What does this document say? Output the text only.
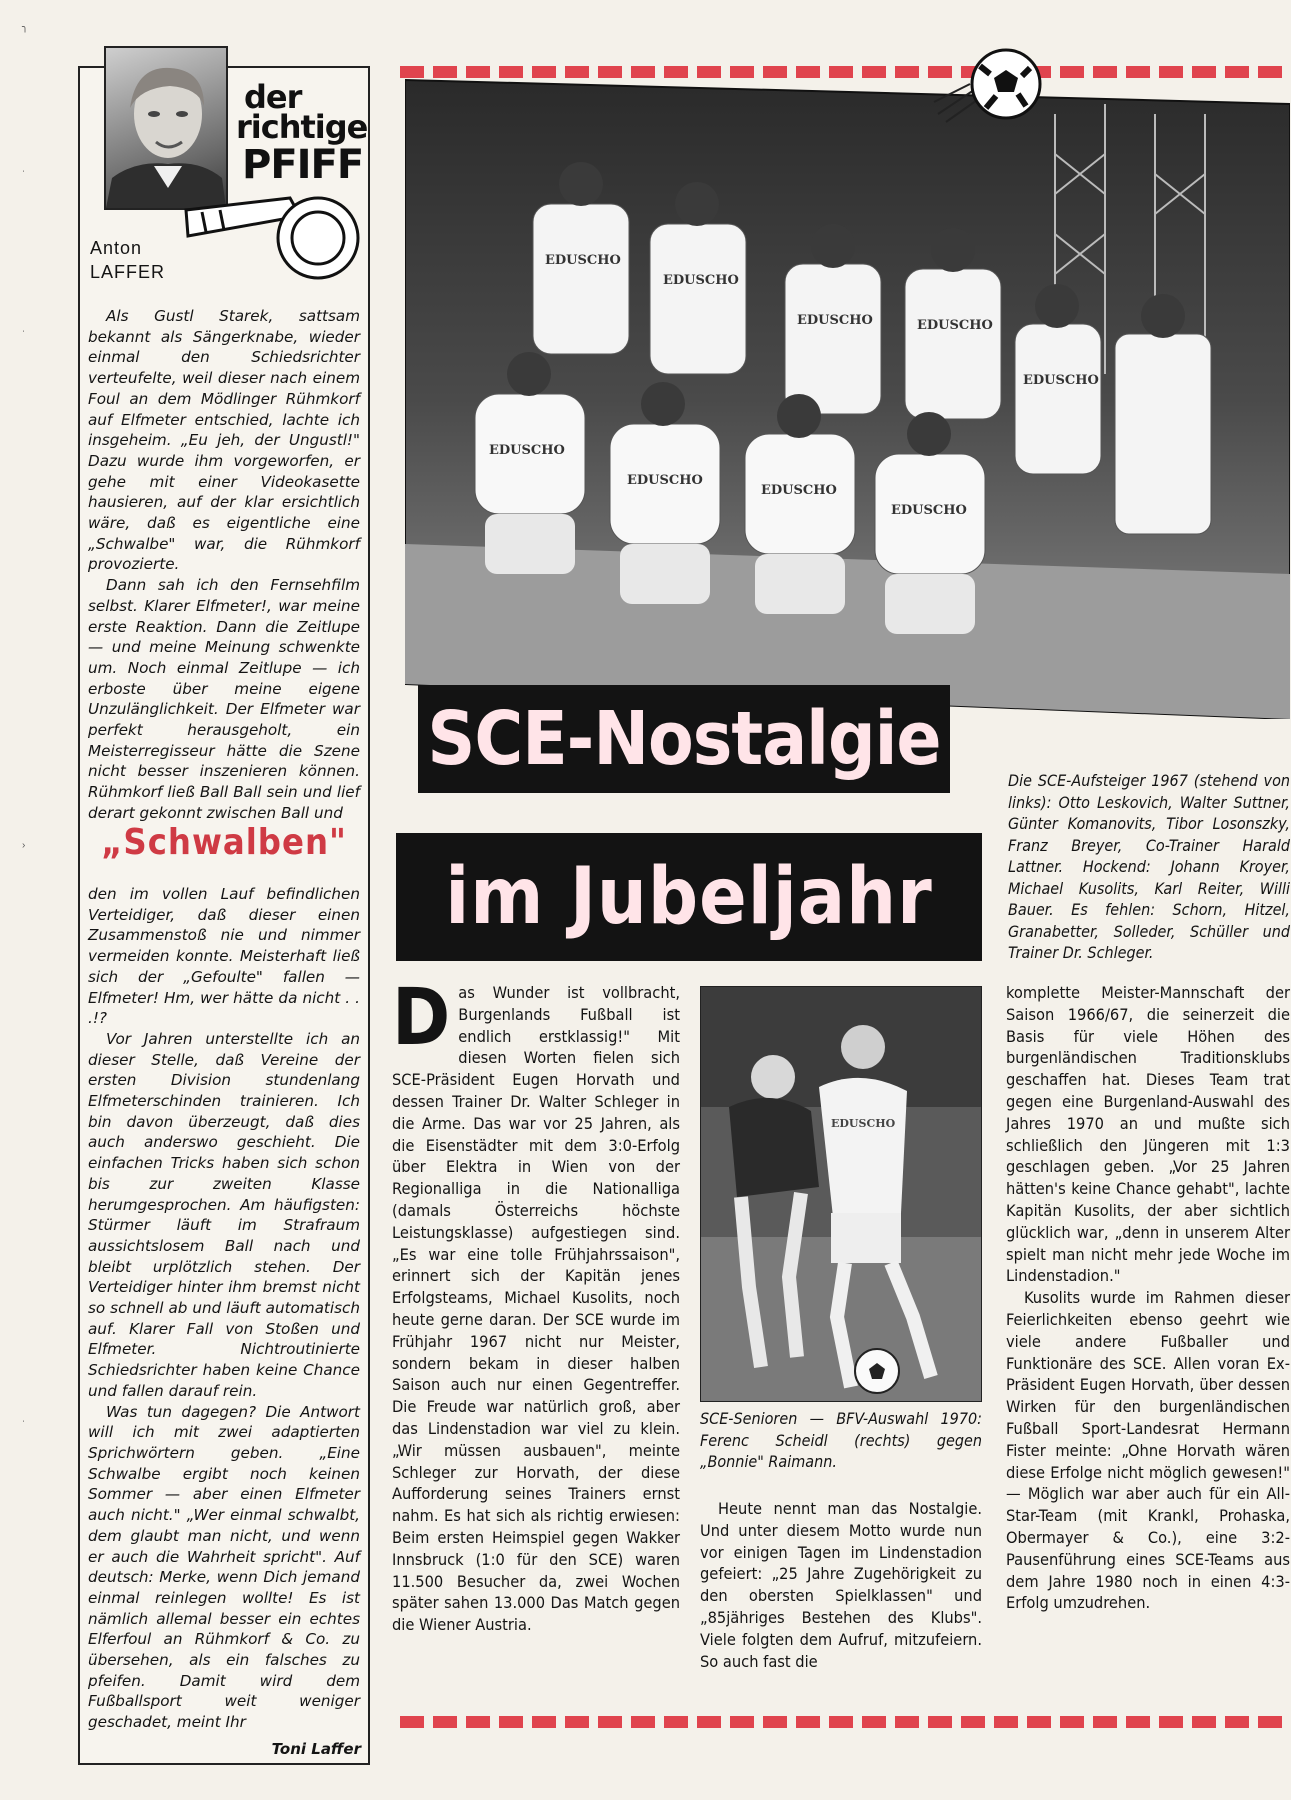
╮
ˈ
ˈ
›
ˈ
der
richtige
PFIFF
Anton
LAFFER

Als Gustl Starek, sattsam bekannt als Sängerknabe, wieder einmal den Schiedsrichter verteufelte, weil dieser nach einem Foul an dem Mödlinger Rühmkorf auf Elfmeter entschied, lachte ich insgeheim. „Eu jeh, der Ungustl!" Dazu wurde ihm vorgeworfen, er gehe mit einer Videokasette hausieren, auf der klar ersichtlich wäre, daß es eigentliche eine „Schwalbe" war, die Rühmkorf provozierte.

Dann sah ich den Fernsehfilm selbst. Klarer Elfmeter!, war meine erste Reaktion. Dann die Zeitlupe — und meine Meinung schwenkte um. Noch einmal Zeitlupe — ich erboste über meine eigene Unzulänglichkeit. Der Elfmeter war perfekt herausgeholt, ein Meisterregisseur hätte die Szene nicht besser inszenieren können. Rühmkorf ließ Ball Ball sein und lief derart gekonnt zwischen Ball und

„Schwalben"

den im vollen Lauf befindlichen Verteidiger, daß dieser einen Zusammenstoß nie und nimmer vermeiden konnte. Meisterhaft ließ sich der „Gefoulte" fallen — Elfmeter! Hm, wer hätte da nicht . . .!?

Vor Jahren unterstellte ich an dieser Stelle, daß Vereine der ersten Division stundenlang Elfmeterschinden trainieren. Ich bin davon überzeugt, daß dies auch anderswo geschieht. Die einfachen Tricks haben sich schon bis zur zweiten Klasse herumgesprochen. Am häufigsten: Stürmer läuft im Strafraum aussichtslosem Ball nach und bleibt urplötzlich stehen. Der Verteidiger hinter ihm bremst nicht so schnell ab und läuft automatisch auf. Klarer Fall von Stoßen und Elfmeter. Nichtroutinierte Schiedsrichter haben keine Chance und fallen darauf rein.

Was tun dagegen? Die Antwort will ich mit zwei adaptierten Sprichwörtern geben. „Eine Schwalbe ergibt noch keinen Sommer — aber einen Elfmeter auch nicht." „Wer einmal schwalbt, dem glaubt man nicht, und wenn er auch die Wahrheit spricht". Auf deutsch: Merke, wenn Dich jemand einmal reinlegen wollte! Es ist nämlich allemal besser ein echtes Elferfoul an Rühmkorf & Co. zu übersehen, als ein falsches zu pfeifen. Damit wird dem Fußballsport weit weniger geschadet, meint Ihr

Toni Laffer
EDUSCHO
EDUSCHO
EDUSCHO	EDUSCHO
EDUSCHO
EDUSCHO
EDUSCHO
EDUSCHO
EDUSCHO
SCE-Nostalgie
im Jubeljahr
Die SCE-Aufsteiger 1967 (stehend von links): Otto Leskovich, Walter Suttner, Günter Komanovits, Tibor Losonszky, Franz Breyer, Co-Trainer Harald Lattner. Hockend: Johann Kroyer, Michael Kusolits, Karl Reiter, Willi Bauer. Es fehlen: Schorn, Hitzel, Granabetter, Solleder, Schüller und Trainer Dr. Schleger.
Das Wunder ist vollbracht, Burgenlands Fußball ist endlich erstklassig!" Mit diesen Worten fielen sich SCE-Präsident Eugen Horvath und dessen Trainer Dr. Walter Schleger in die Arme. Das war vor 25 Jahren, als die Eisenstädter mit dem 3:0-Erfolg über Elektra in Wien von der Regionalliga in die Nationalliga (damals Österreichs höchste Leistungsklasse) aufgestiegen sind. „Es war eine tolle Frühjahrssaison", erinnert sich der Kapitän jenes Erfolgsteams, Michael Kusolits, noch heute gerne daran. Der SCE wurde im Frühjahr 1967 nicht nur Meister, sondern bekam in dieser halben Saison auch nur einen Gegentreffer. Die Freude war natürlich groß, aber das Lindenstadion war viel zu klein. „Wir müssen ausbauen", meinte Schleger zur Horvath, der diese Aufforderung seines Trainers ernst nahm. Es hat sich als richtig erwiesen: Beim ersten Heimspiel gegen Wakker Innsbruck (1:0 für den SCE) waren 11.500 Besucher da, zwei Wochen später sahen 13.000 Das Match gegen die Wiener Austria.
EDUSCHO
SCE-Senioren — BFV-Auswahl 1970: Ferenc Scheidl (rechts) gegen „Bonnie" Raimann.

Heute nennt man das Nostalgie. Und unter diesem Motto wurde nun vor einigen Tagen im Lindenstadion gefeiert: „25 Jahre Zugehörigkeit zu den obersten Spielklassen" und „85jähriges Bestehen des Klubs". Viele folgten dem Aufruf, mitzufeiern. So auch fast die

komplette Meister-Mannschaft der Saison 1966/67, die seinerzeit die Basis für viele Höhen des burgenländischen Traditionsklubs geschaffen hat. Dieses Team trat gegen eine Burgenland-Auswahl des Jahres 1970 an und mußte sich schließlich den Jüngeren mit 1:3 geschlagen geben. „Vor 25 Jahren hätten's keine Chance gehabt", lachte Kapitän Kusolits, der aber sichtlich glücklich war, „denn in unserem Alter spielt man nicht mehr jede Woche im Lindenstadion."

Kusolits wurde im Rahmen dieser Feierlichkeiten ebenso geehrt wie viele andere Fußballer und Funktionäre des SCE. Allen voran Ex-Präsident Eugen Horvath, über dessen Wirken für den burgenländischen Fußball Sport-Landesrat Hermann Fister meinte: „Ohne Horvath wären diese Erfolge nicht möglich gewesen!" — Möglich war aber auch für ein All-Star-Team (mit Krankl, Prohaska, Obermayer & Co.), eine 3:2-Pausenführung eines SCE-Teams aus dem Jahre 1980 noch in einen 4:3-Erfolg umzudrehen.
